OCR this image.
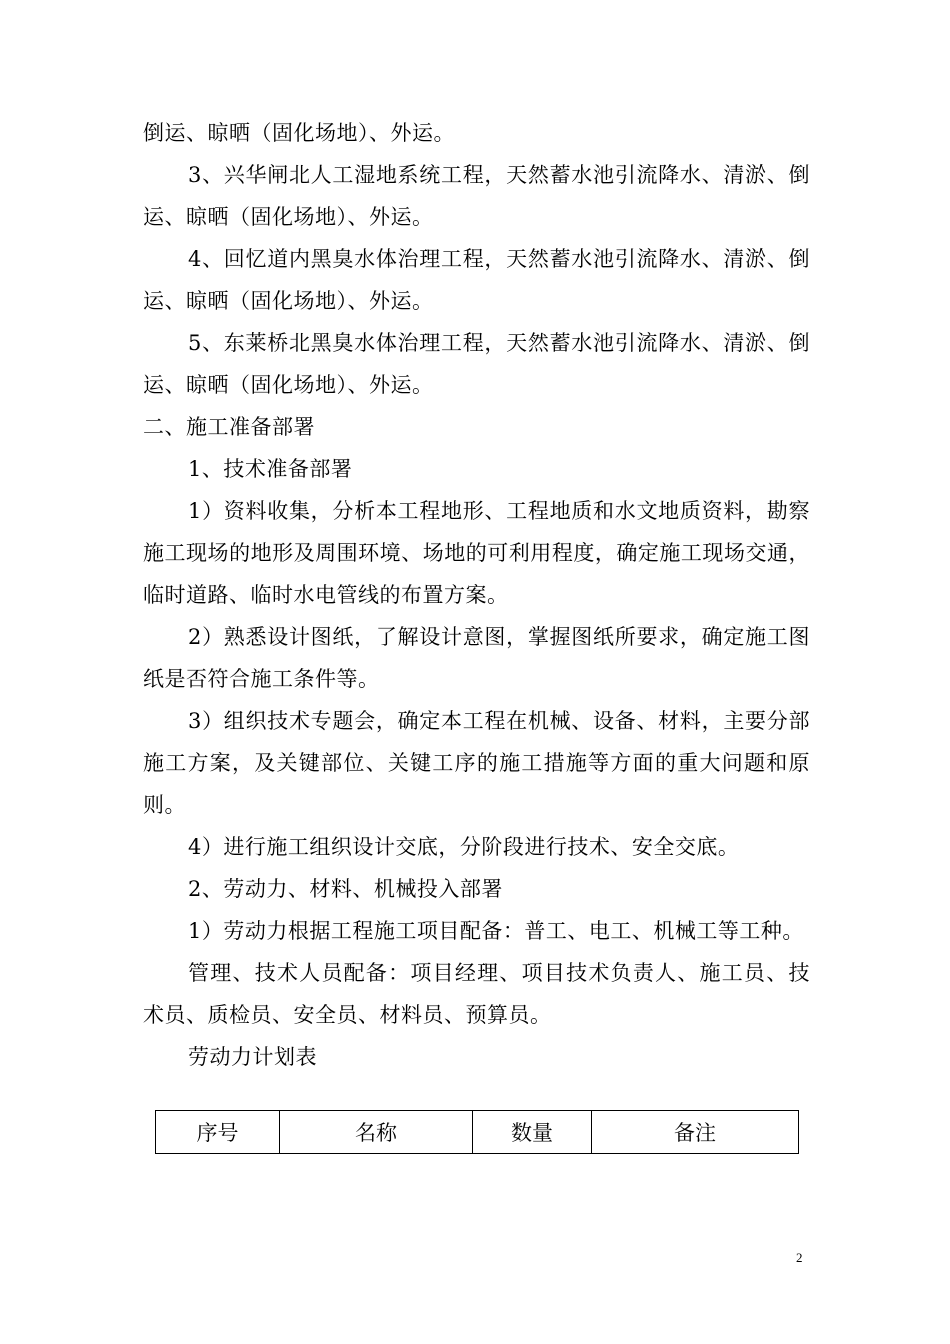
倒运、晾晒（固化场地）、外运。

3、兴华闸北人工湿地系统工程，天然蓄水池引流降水、清淤、倒运、晾晒（固化场地）、外运。

4、回忆道内黑臭水体治理工程，天然蓄水池引流降水、清淤、倒运、晾晒（固化场地）、外运。

5、东莱桥北黑臭水体治理工程，天然蓄水池引流降水、清淤、倒运、晾晒（固化场地）、外运。

二、施工准备部署

1、技术准备部署

1）资料收集，分析本工程地形、工程地质和水文地质资料，勘察施工现场的地形及周围环境、场地的可利用程度，确定施工现场交通，临时道路、临时水电管线的布置方案。

2）熟悉设计图纸，了解设计意图，掌握图纸所要求，确定施工图纸是否符合施工条件等。

3）组织技术专题会，确定本工程在机械、设备、材料，主要分部施工方案，及关键部位、关键工序的施工措施等方面的重大问题和原则。

4）进行施工组织设计交底，分阶段进行技术、安全交底。

2、劳动力、材料、机械投入部署

1）劳动力根据工程施工项目配备：普工、电工、机械工等工种。

管理、技术人员配备：项目经理、项目技术负责人、施工员、技术员、质检员、安全员、材料员、预算员。

劳动力计划表

序号	名称	数量	备注
2
